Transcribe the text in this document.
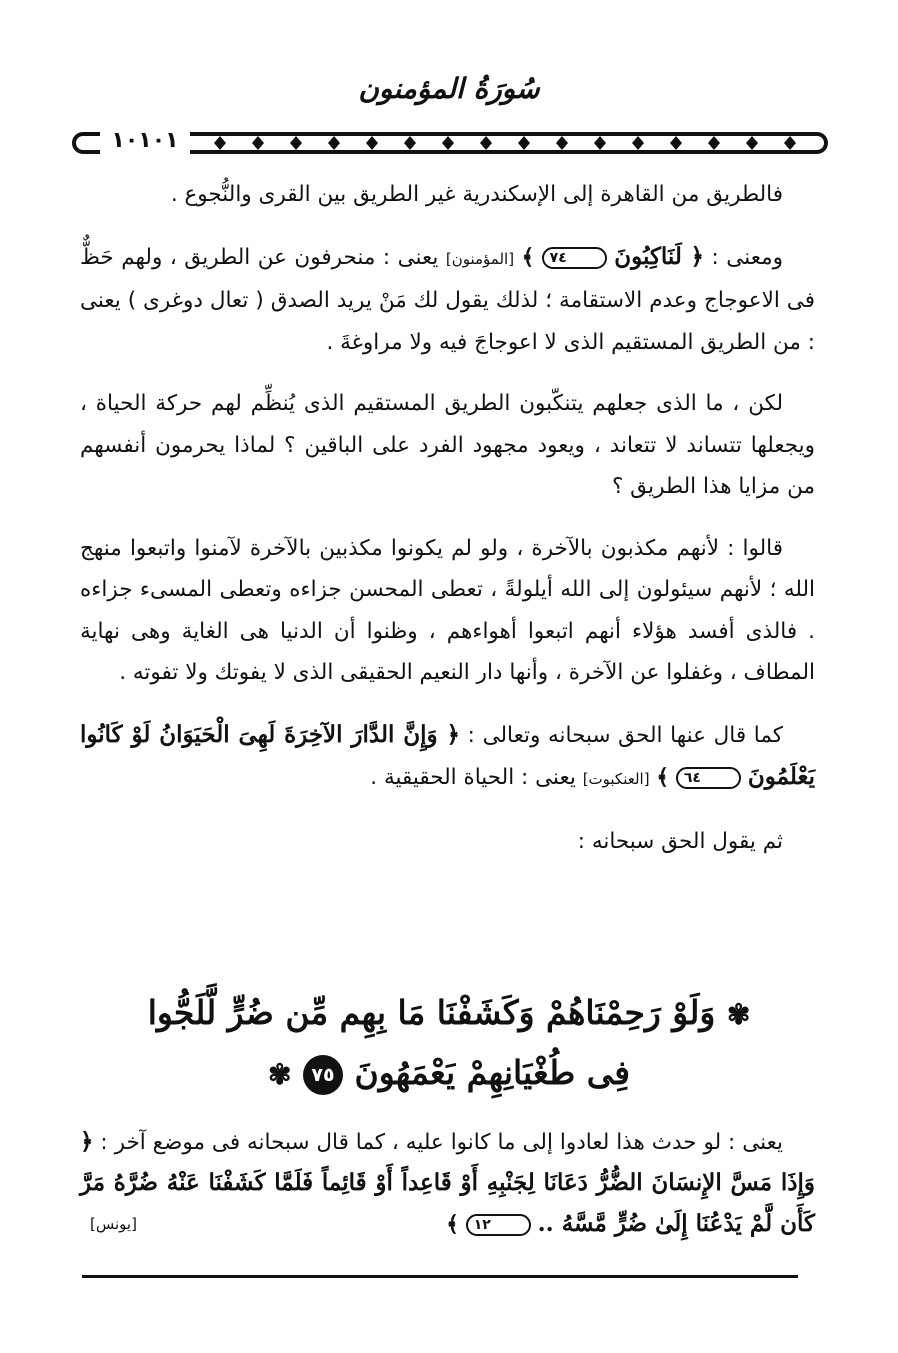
سُورَةُ المؤمنون
١٠١٠١

فالطريق من القاهرة إلى الإسكندرية غير الطريق بين القرى والنُّجوع .

ومعنى : ﴿ لَنَاكِبُونَ ٧٤ ﴾ [المؤمنون] يعنى : منحرفون عن الطريق ، ولهم حَظٌّ فى الاعوجاج وعدم الاستقامة ؛ لذلك يقول لك مَنْ يريد الصدق ( تعال دوغرى ) يعنى : من الطريق المستقيم الذى لا اعوجاجَ فيه ولا مراوغةَ .

لكن ، ما الذى جعلهم يتنكّبون الطريق المستقيم الذى يُنظِّم لهم حركة الحياة ، ويجعلها تتساند لا تتعاند ، ويعود مجهود الفرد على الباقين ؟ لماذا يحرمون أنفسهم من مزايا هذا الطريق ؟

قالوا : لأنهم مكذبون بالآخرة ، ولو لم يكونوا مكذبين بالآخرة لآمنوا واتبعوا منهج الله ؛ لأنهم سيئولون إلى الله أيلولةً ، تعطى المحسن جزاءه وتعطى المسىء جزاءه . فالذى أفسد هؤلاء أنهم اتبعوا أهواءهم ، وظنوا أن الدنيا هى الغاية وهى نهاية المطاف ، وغفلوا عن الآخرة ، وأنها دار النعيم الحقيقى الذى لا يفوتك ولا تفوته .

كما قال عنها الحق سبحانه وتعالى : ﴿ وَإِنَّ الدَّارَ الآخِرَةَ لَهِىَ الْحَيَوَانُ لَوْ كَانُوا يَعْلَمُونَ ٦٤ ﴾ [العنكبوت] يعنى : الحياة الحقيقية .

ثم يقول الحق سبحانه :

✾ وَلَوْ رَحِمْنَاهُمْ وَكَشَفْنَا مَا بِهِم مِّن ضُرٍّ لَّلَجُّوا
فِى طُغْيَانِهِمْ يَعْمَهُونَ ٧٥ ✾

يعنى : لو حدث هذا لعادوا إلى ما كانوا عليه ، كما قال سبحانه فى موضع آخر : ﴿ وَإِذَا مَسَّ الإِنسَانَ الضُّرُّ دَعَانَا لِجَنْبِهِ أَوْ قَاعِداً أَوْ قَائِماً فَلَمَّا كَشَفْنَا عَنْهُ ضُرَّهُ مَرَّ كَأَن لَّمْ يَدْعُنَا إِلَىٰ ضُرٍّ مَّسَّهُ .. ١٢ ﴾
[يونس]
